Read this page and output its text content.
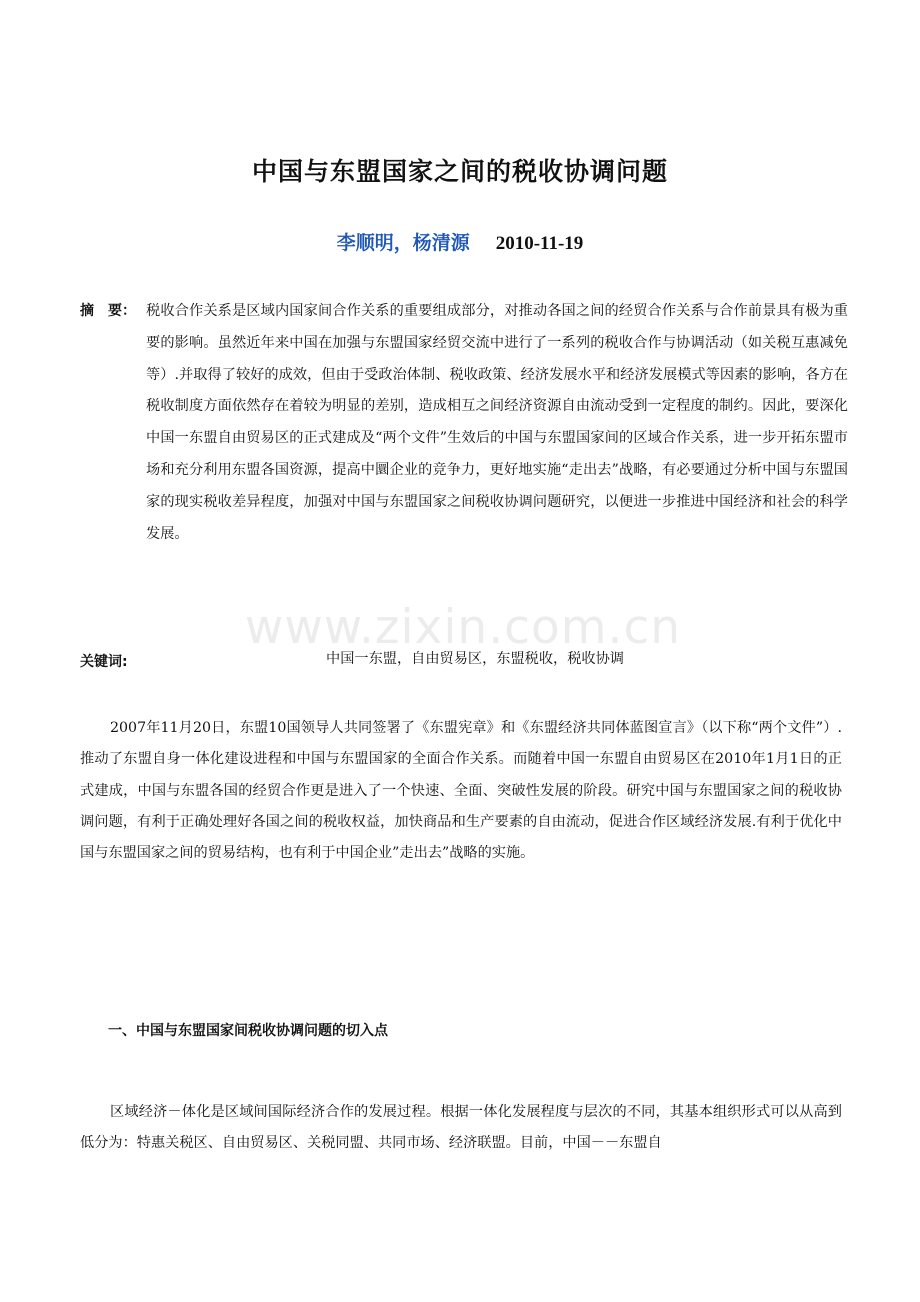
中国与东盟国家之间的税收协调问题
李顺明，杨清源 2010-11-19
摘　要： 税收合作关系是区域内国家间合作关系的重要组成部分，对推动各国之间的经贸合作关系与合作前景具有极为重要的影响。虽然近年来中国在加强与东盟国家经贸交流中进行了一系列的税收合作与协调活动（如关税互惠减免等）.并取得了较好的成效，但由于受政治体制、税收政策、经济发展水平和经济发展模式等因素的影响，各方在税收制度方面依然存在着较为明显的差别，造成相互之间经济资源自由流动受到一定程度的制约。因此，要深化中国一东盟自由贸易区的正式建成及“两个文件”生效后的中国与东盟国家间的区域合作关系，进一步开拓东盟市场和充分利用东盟各国资源，提高中圜企业的竞争力，更好地实施“走出去”战略，有必要通过分析中国与东盟国家的现实税收差异程度，加强对中国与东盟国家之间税收协调问题研究，以便进一步推进中国经济和社会的科学发展。
www.zixin.com.cn
关键词:	中国一东盟，自由贸易区，东盟税收，税收协调
2007年11月20日，东盟10国领导人共同签署了《东盟宪章》和《东盟经济共同体蓝图宣言》（以下称“两个文件”）.推动了东盟自身一体化建设进程和中国与东盟国家的全面合作关系。而随着中国一东盟自由贸易区在2010年1月1日的正式建成，中国与东盟各国的经贸合作更是进入了一个快速、全面、突破性发展的阶段。研究中国与东盟国家之间的税收协调问题，有利于正确处理好各国之间的税收权益，加快商品和生产要素的自由流动，促进合作区域经济发展.有利于优化中国与东盟国家之间的贸易结构，也有利于中国企业”走出去”战略的实施。
一、中国与东盟国家间税收协调问题的切入点
区域经济－体化是区域间国际经济合作的发展过程。根据一体化发展程度与层次的不同，其基本组织形式可以从高到低分为：特惠关税区、自由贸易区、关税同盟、共同市场、经济联盟。目前，中国－－东盟自
